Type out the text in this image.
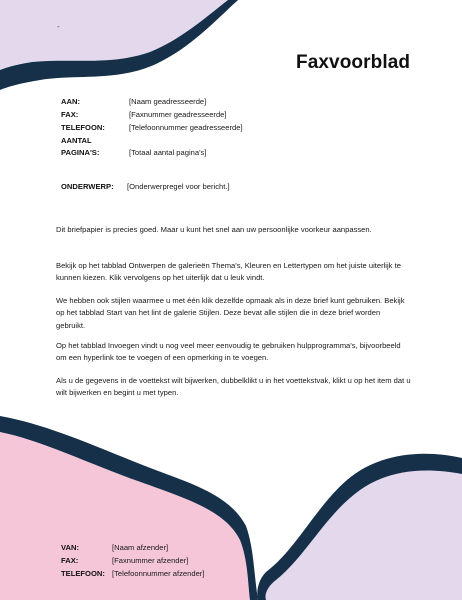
-
Faxvoorblad
AAN:	[Naam geadresseerde]
FAX:	[Faxnummer geadresseerde]
TELEFOON:	[Telefoonnummer geadresseerde]
AANTAL
PAGINA'S:	[Totaal aantal pagina's]
ONDERWERP: [Onderwerpregel voor bericht.]
Dit briefpapier is precies goed. Maar u kunt het snel aan uw persoonlijke voorkeur aanpassen.
Bekijk op het tabblad Ontwerpen de galerieën Thema's, Kleuren en Lettertypen om het juiste uiterlijk te kunnen kiezen. Klik vervolgens op het uiterlijk dat u leuk vindt.
We hebben ook stijlen waarmee u met één klik dezelfde opmaak als in deze brief kunt gebruiken. Bekijk op het tabblad Start van het lint de galerie Stijlen. Deze bevat alle stijlen die in deze brief worden gebruikt.
Op het tabblad Invoegen vindt u nog veel meer eenvoudig te gebruiken hulpprogramma's, bijvoorbeeld om een hyperlink toe te voegen of een opmerking in te voegen.
Als u de gegevens in de voettekst wilt bijwerken, dubbelklikt u in het voettekstvak, klikt u op het item dat u wilt bijwerken en begint u met typen.
VAN:	[Naam afzender]
FAX:	[Faxnummer afzender]
TELEFOON: [Telefoonnummer afzender]
